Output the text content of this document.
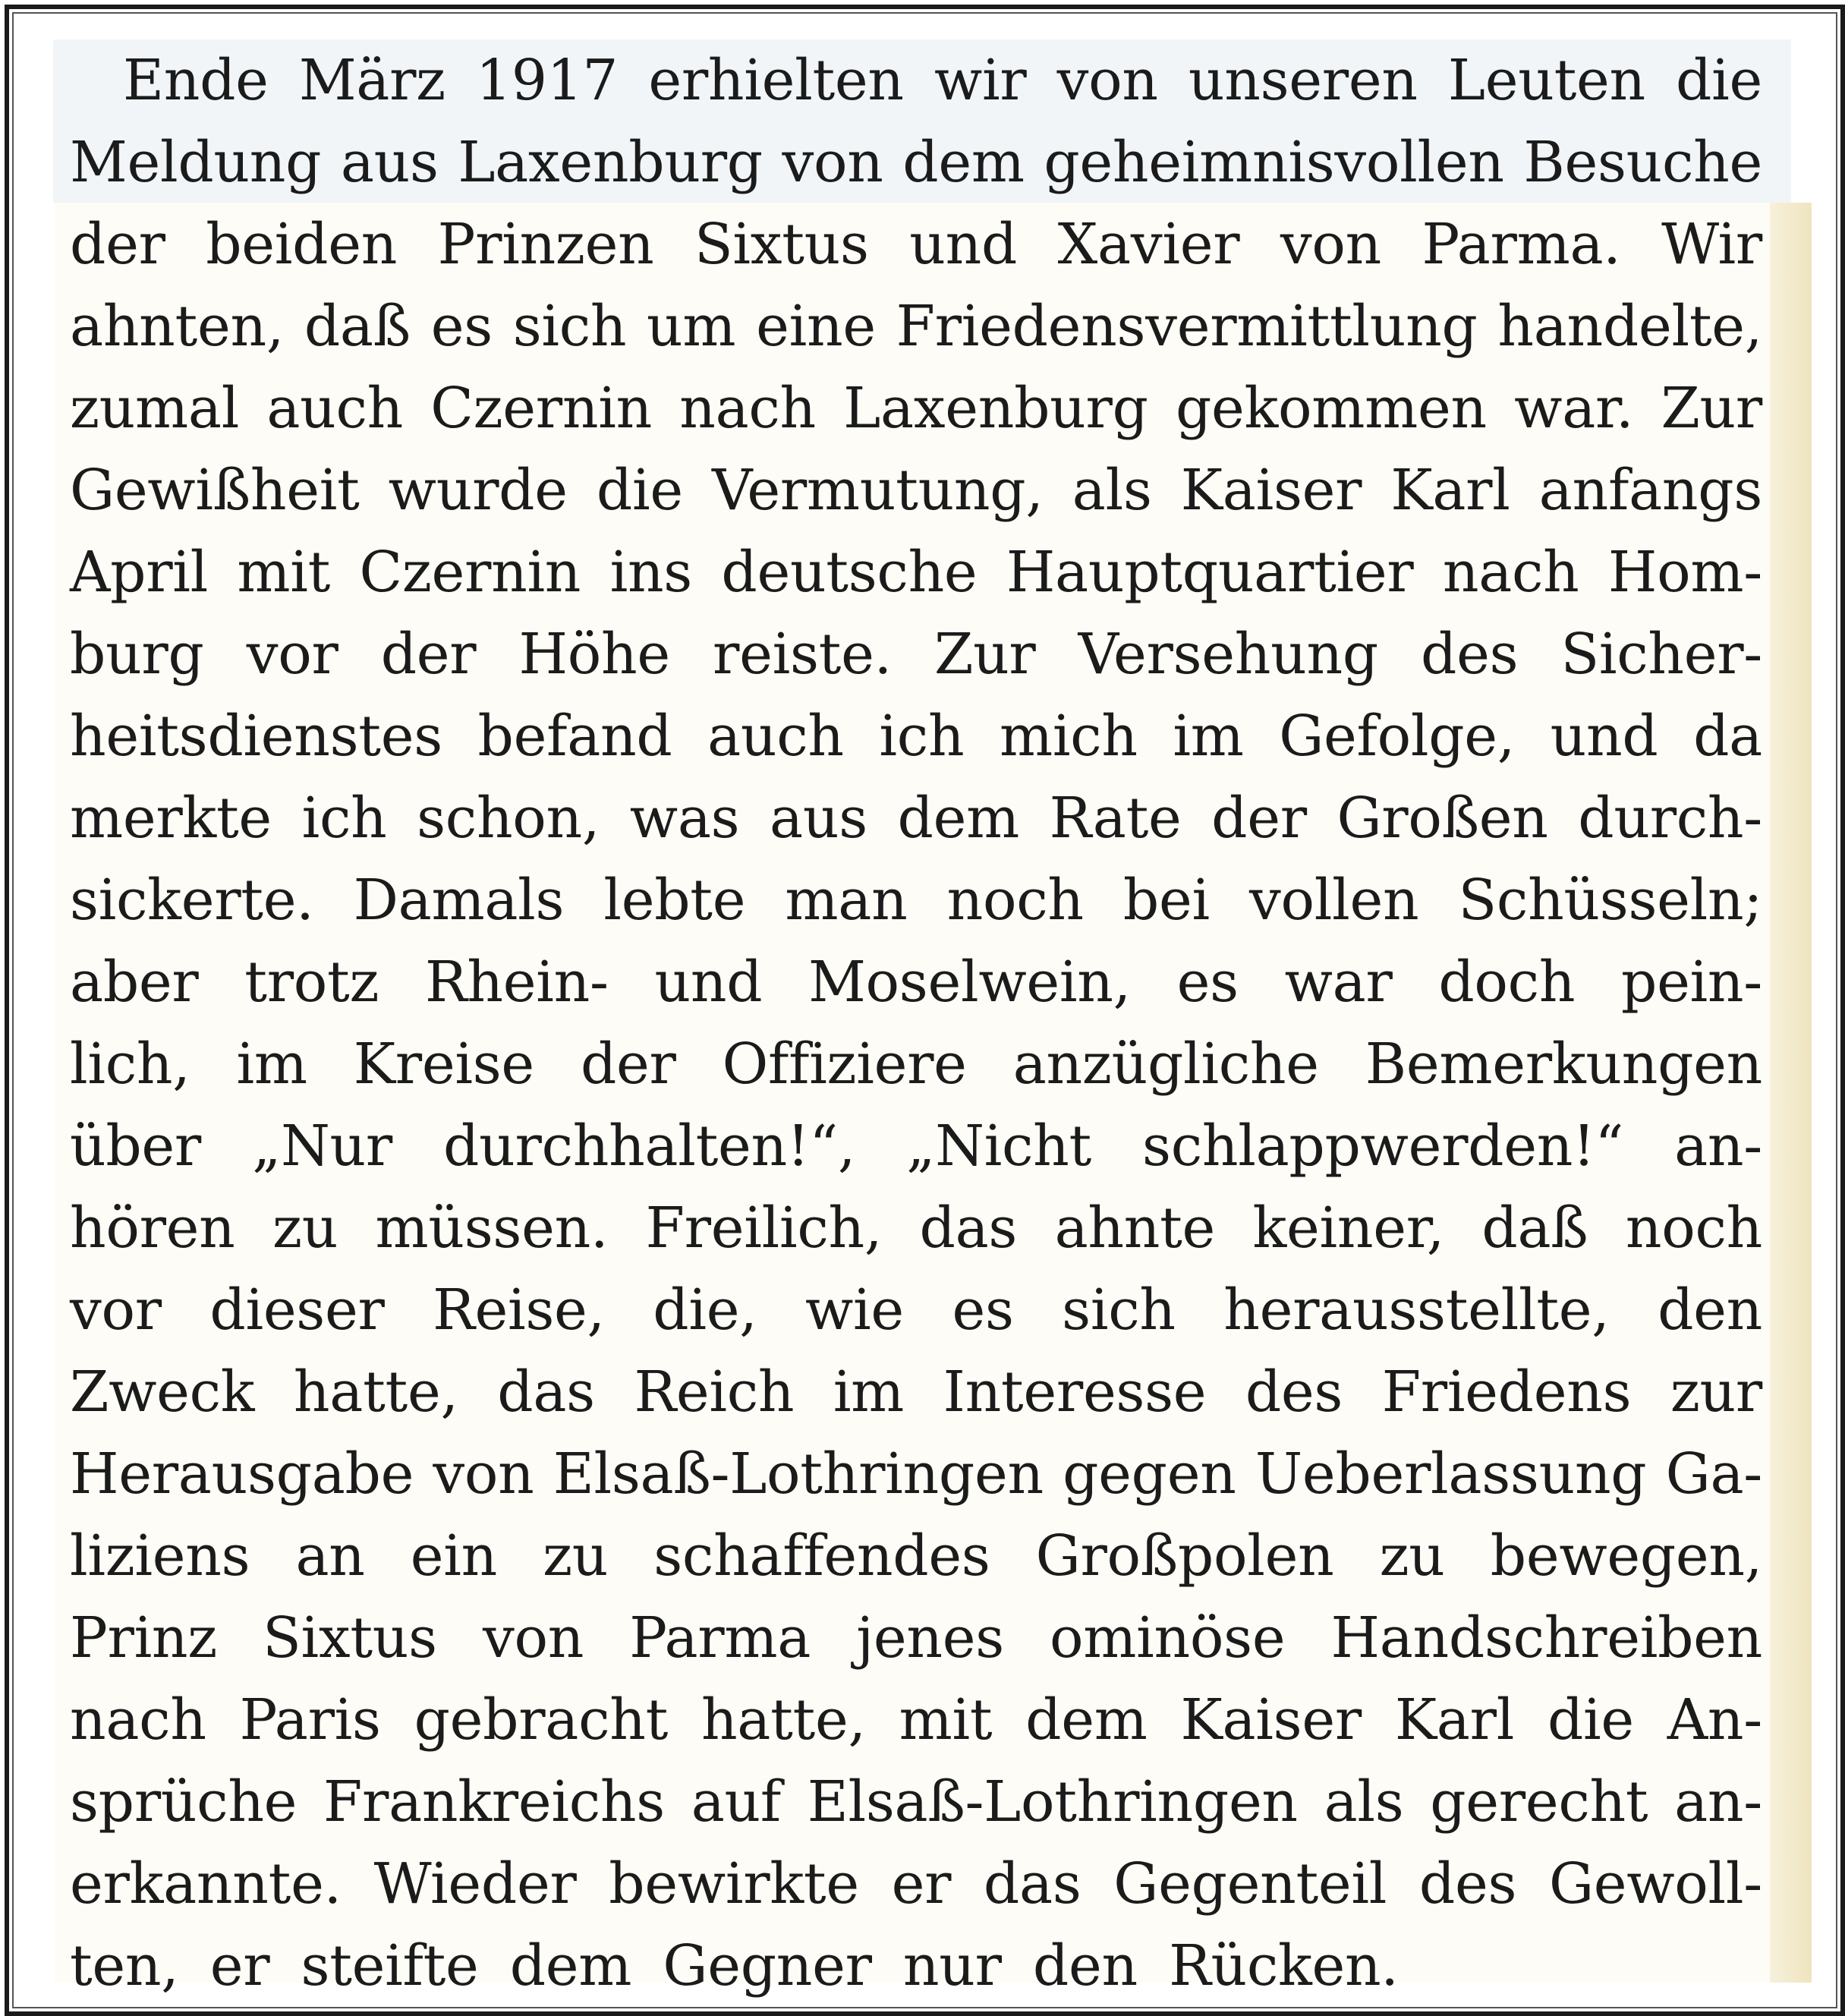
Ende März 1917 erhielten wir von unseren Leuten die
Meldung aus Laxenburg von dem geheimnisvollen Besuche
der beiden Prinzen Sixtus und Xavier von Parma. Wir
ahnten, daß es sich um eine Friedensvermittlung handelte,
zumal auch Czernin nach Laxenburg gekommen war. Zur
Gewißheit wurde die Vermutung, als Kaiser Karl anfangs
April mit Czernin ins deutsche Hauptquartier nach Hom-
burg vor der Höhe reiste. Zur Versehung des Sicher-
heitsdienstes befand auch ich mich im Gefolge, und da
merkte ich schon, was aus dem Rate der Großen durch-
sickerte. Damals lebte man noch bei vollen Schüsseln;
aber trotz Rhein- und Moselwein, es war doch pein-
lich, im Kreise der Offiziere anzügliche Bemerkungen
über „Nur durchhalten!“, „Nicht schlappwerden!“ an-
hören zu müssen. Freilich, das ahnte keiner, daß noch
vor dieser Reise, die, wie es sich herausstellte, den
Zweck hatte, das Reich im Interesse des Friedens zur
Herausgabe von Elsaß-Lothringen gegen Ueberlassung Ga-
liziens an ein zu schaffendes Großpolen zu bewegen,
Prinz Sixtus von Parma jenes ominöse Handschreiben
nach Paris gebracht hatte, mit dem Kaiser Karl die An-
sprüche Frankreichs auf Elsaß-Lothringen als gerecht an-
erkannte. Wieder bewirkte er das Gegenteil des Gewoll-
ten, er steifte dem Gegner nur den Rücken.
